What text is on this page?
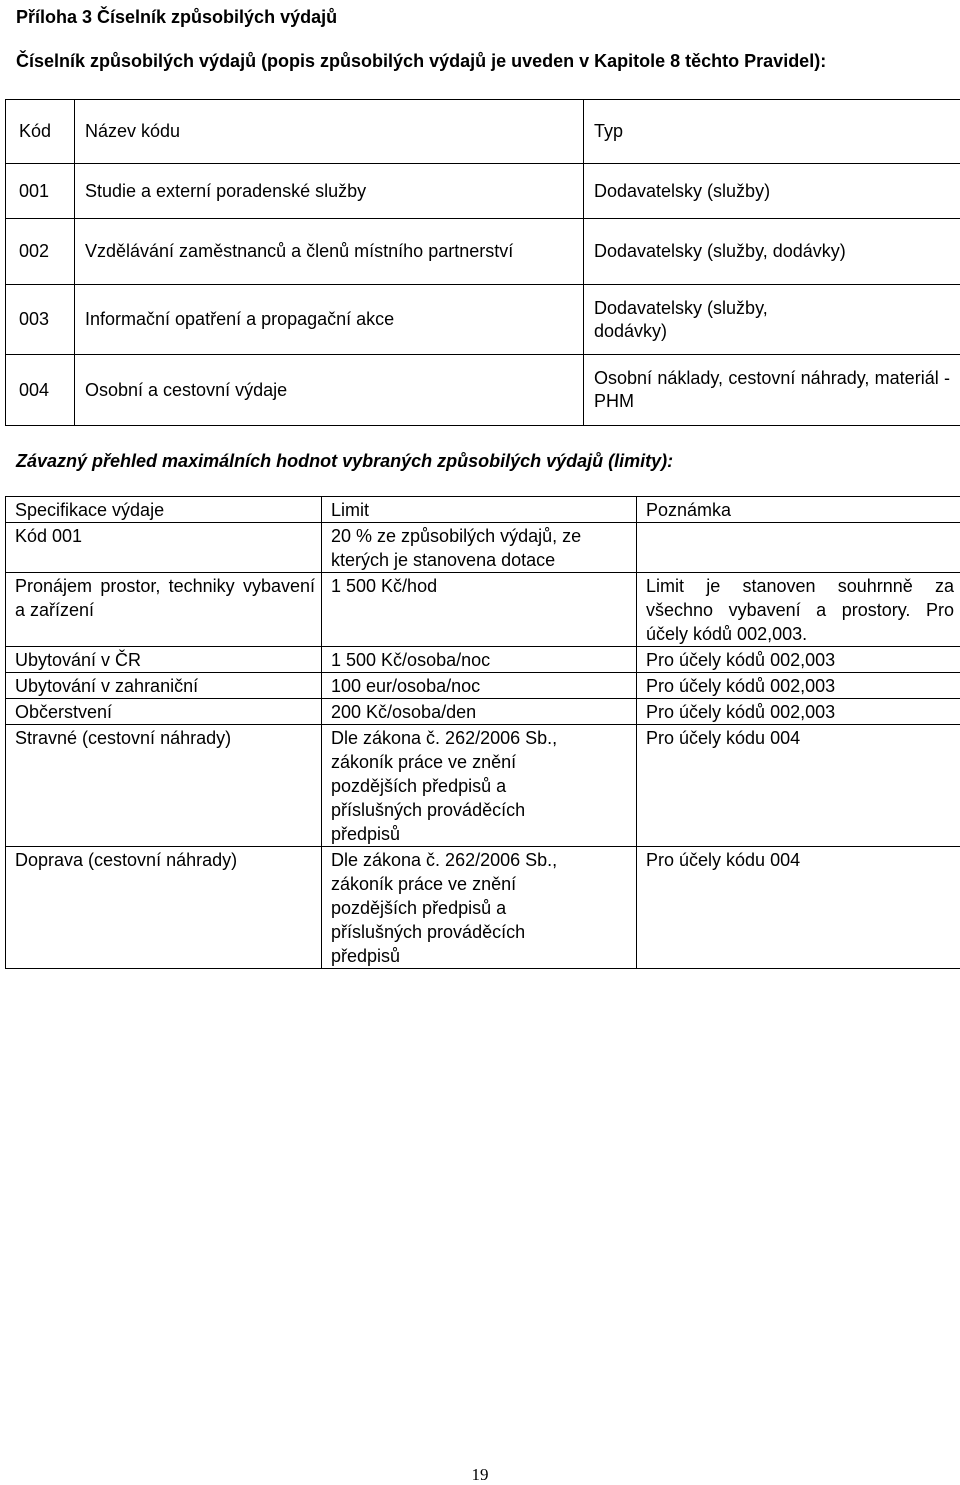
Příloha 3 Číselník způsobilých výdajů
Číselník způsobilých výdajů (popis způsobilých výdajů je uveden v Kapitole 8 těchto Pravidel):
Kód	Název kódu	Typ
001	Studie a externí poradenské služby	Dodavatelsky (služby)
002	Vzdělávání zaměstnanců a členů místního partnerství	Dodavatelsky (služby, dodávky)
003	Informační opatření a propagační akce	Dodavatelsky (služby, dodávky)
004	Osobní a cestovní výdaje	Osobní náklady, cestovní náhrady, materiál - PHM
Závazný přehled maximálních hodnot vybraných způsobilých výdajů (limity):
Specifikace výdaje	Limit	Poznámka
Kód 001	20 % ze způsobilých výdajů, ze kterých je stanovena dotace	
Pronájem prostor, techniky vybavení a zařízení	1 500 Kč/hod	Limit je stanoven souhrnně za všechno vybavení a prostory. Pro účely kódů 002,003.
Ubytování v ČR	1 500 Kč/osoba/noc	Pro účely kódů 002,003
Ubytování v zahraniční	100 eur/osoba/noc	Pro účely kódů 002,003
Občerstvení	200 Kč/osoba/den	Pro účely kódů 002,003
Stravné (cestovní náhrady)	Dle zákona č. 262/2006 Sb., zákoník práce ve znění pozdějších předpisů a příslušných prováděcích předpisů	Pro účely kódu 004
Doprava (cestovní náhrady)	Dle zákona č. 262/2006 Sb., zákoník práce ve znění pozdějších předpisů a příslušných prováděcích předpisů	Pro účely kódu 004
19
